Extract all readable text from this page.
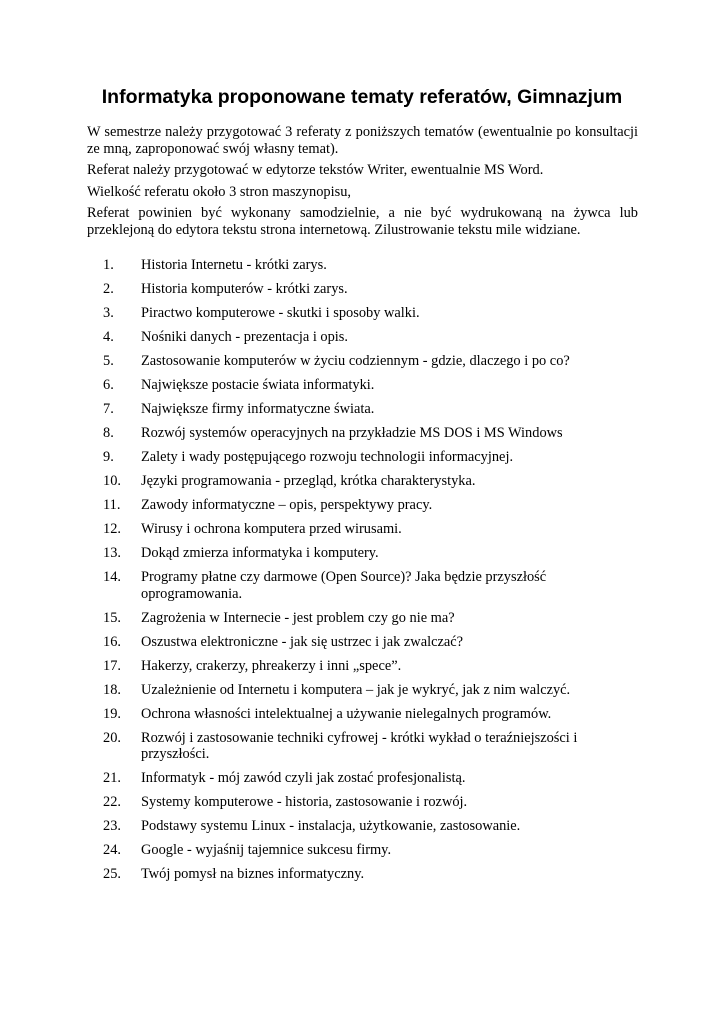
Informatyka proponowane tematy referatów, Gimnazjum

W semestrze należy przygotować 3 referaty z poniższych tematów (ewentualnie po konsultacji ze mną, zaproponować swój własny temat).

Referat należy przygotować w edytorze tekstów Writer, ewentualnie MS Word.

Wielkość referatu około 3 stron maszynopisu,

Referat powinien być wykonany samodzielnie, a nie być wydrukowaną na żywca lub przeklejoną do edytora tekstu strona internetową. Zilustrowanie tekstu mile widziane.

1.	Historia Internetu - krótki zarys.
2.	Historia komputerów - krótki zarys.
3.	Piractwo komputerowe - skutki i sposoby walki.
4.	Nośniki danych - prezentacja i opis.
5.	Zastosowanie komputerów w życiu codziennym - gdzie, dlaczego i po co?
6.	Największe postacie świata informatyki.
7.	Największe firmy informatyczne świata.
8.	Rozwój systemów operacyjnych na przykładzie MS DOS i MS Windows
9.	Zalety i wady postępującego rozwoju technologii informacyjnej.
10.	Języki programowania - przegląd, krótka charakterystyka.
11.	Zawody informatyczne – opis, perspektywy pracy.
12.	Wirusy i ochrona komputera przed wirusami.
13.	Dokąd zmierza informatyka i komputery.
14.	Programy płatne czy darmowe (Open Source)? Jaka będzie przyszłość oprogramowania.
15.	Zagrożenia w Internecie - jest problem czy go nie ma?
16.	Oszustwa elektroniczne - jak się ustrzec i jak zwalczać?
17.	Hakerzy, crakerzy, phreakerzy i inni „spece”.
18.	Uzależnienie od Internetu i komputera – jak je wykryć, jak z nim walczyć.
19.	Ochrona własności intelektualnej a używanie nielegalnych programów.
20.	Rozwój i zastosowanie techniki cyfrowej - krótki wykład o teraźniejszości i przyszłości.
21.	Informatyk - mój zawód czyli jak zostać profesjonalistą.
22.	Systemy komputerowe - historia, zastosowanie i rozwój.
23.	Podstawy systemu Linux - instalacja, użytkowanie, zastosowanie.
24.	Google - wyjaśnij tajemnice sukcesu firmy.
25.	Twój pomysł na biznes informatyczny.
